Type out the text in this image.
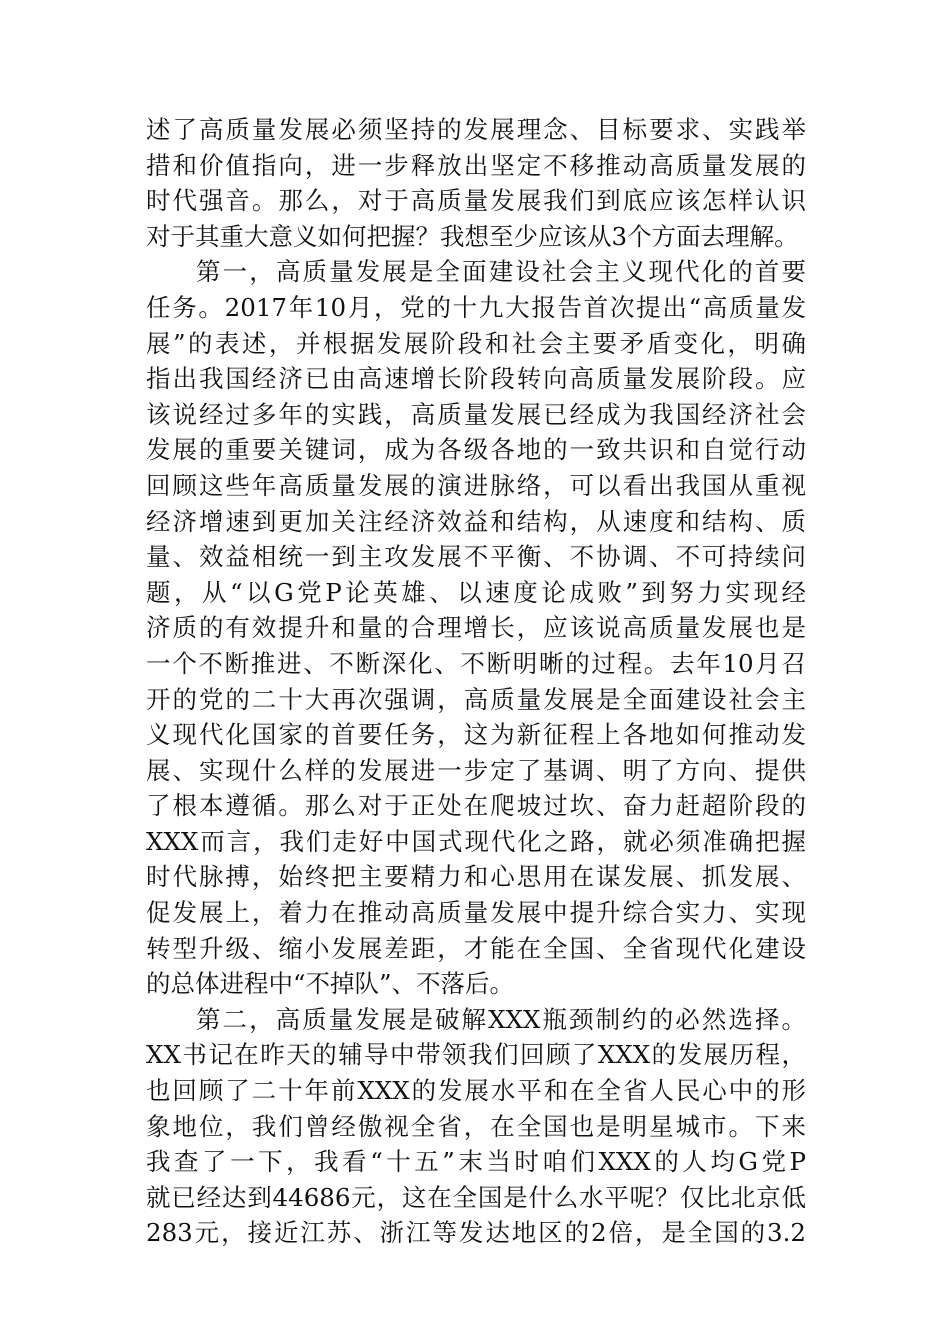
述了高质量发展必须坚持的发展理念、目标要求、实践举
措和价值指向，进一步释放出坚定不移推动高质量发展的
时代强音。那么，对于高质量发展我们到底应该怎样认识
对于其重大意义如何把握？我想至少应该从3个方面去理解。
第一，高质量发展是全面建设社会主义现代化的首要
任务。2017年10月，党的十九大报告首次提出“高质量发
展”的表述，并根据发展阶段和社会主要矛盾变化，明确
指出我国经济已由高速增长阶段转向高质量发展阶段。应
该说经过多年的实践，高质量发展已经成为我国经济社会
发展的重要关键词，成为各级各地的一致共识和自觉行动
回顾这些年高质量发展的演进脉络，可以看出我国从重视
经济增速到更加关注经济效益和结构，从速度和结构、质
量、效益相统一到主攻发展不平衡、不协调、不可持续问
题，从“以G党P论英雄、以速度论成败”到努力实现经
济质的有效提升和量的合理增长，应该说高质量发展也是
一个不断推进、不断深化、不断明晰的过程。去年10月召
开的党的二十大再次强调，高质量发展是全面建设社会主
义现代化国家的首要任务，这为新征程上各地如何推动发
展、实现什么样的发展进一步定了基调、明了方向、提供
了根本遵循。那么对于正处在爬坡过坎、奋力赶超阶段的
XXX而言，我们走好中国式现代化之路，就必须准确把握
时代脉搏，始终把主要精力和心思用在谋发展、抓发展、
促发展上，着力在推动高质量发展中提升综合实力、实现
转型升级、缩小发展差距，才能在全国、全省现代化建设
的总体进程中“不掉队”、不落后。
第二，高质量发展是破解XXX瓶颈制约的必然选择。
XX书记在昨天的辅导中带领我们回顾了XXX的发展历程，
也回顾了二十年前XXX的发展水平和在全省人民心中的形
象地位，我们曾经傲视全省，在全国也是明星城市。下来
我查了一下，我看“十五”末当时咱们XXX的人均G党P
就已经达到44686元，这在全国是什么水平呢？仅比北京低
283元，接近江苏、浙江等发达地区的2倍，是全国的3.2
